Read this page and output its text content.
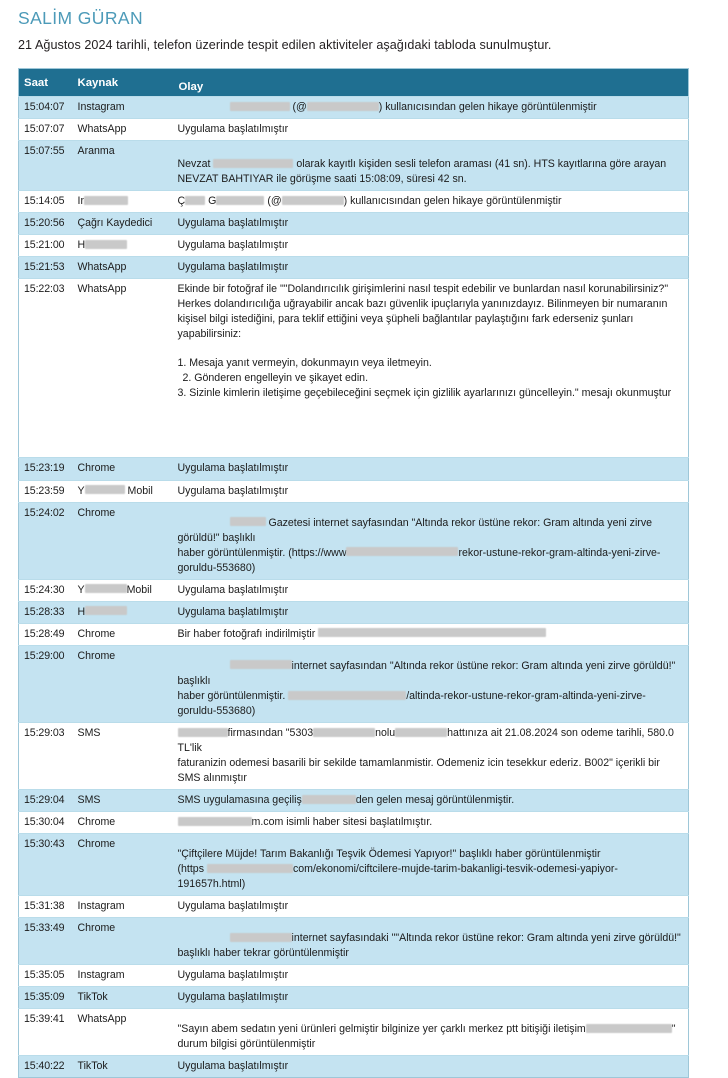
SALİM GÜRAN
21 Ağustos 2024 tarihli, telefon üzerinde tespit edilen aktiviteler aşağıdaki tabloda sunulmuştur.
Saat	Kaynak	Olay
15:04:07	Instagram	(@ ) kullanıcısından gelen hikaye görüntülenmiştir
15:07:07	WhatsApp	Uygulama başlatılmıştır
15:07:55	Aranma	Nevzat olarak kayıtlı kişiden sesli telefon araması (41 sn). HTS kayıtlarına göre arayan
NEVZAT BAHTIYAR ile görüşme saati 15:08:09, süresi 42 sn.
15:14:05	Ir	Ç G (@ ) kullanıcısından gelen hikaye görüntülenmiştir
15:20:56	Çağrı Kaydedici	Uygulama başlatılmıştır
15:21:00	H	Uygulama başlatılmıştır
15:21:53	WhatsApp	Uygulama başlatılmıştır
15:22:03	WhatsApp	Ekinde bir fotoğraf ile ""Dolandırıcılık girişimlerini nasıl tespit edebilir ve bunlardan nasıl korunabilirsiniz?"
Herkes dolandırıcılığa uğrayabilir ancak bazı güvenlik ipuçlarıyla yanınızdayız. Bilinmeyen bir numaranın
kişisel bilgi istediğini, para teklif ettiğini veya şüpheli bağlantılar paylaştığını fark ederseniz şunları
yapabilirsiniz:
1. Mesaja yanıt vermeyin, dokunmayın veya iletmeyin.
2. Gönderen engelleyin ve şikayet edin.
3. Sizinle kimlerin iletişime geçebileceğini seçmek için gizlilik ayarlarınızı güncelleyin." mesajı okunmuştur

15:23:19	Chrome	Uygulama başlatılmıştır
15:23:59	Y Mobil	Uygulama başlatılmıştır
15:24:02	Chrome	Gazetesi internet sayfasından "Altında rekor üstüne rekor: Gram altında yeni zirve görüldü!" başlıklı
haber görüntülenmiştir. (https://www rekor-ustune-rekor-gram-altinda-yeni-zirve-
goruldu-553680)

15:24:30	Y Mobil	Uygulama başlatılmıştır
15:28:33	H	Uygulama başlatılmıştır
15:28:49	Chrome	Bir haber fotoğrafı indirilmiştir
15:29:00	Chrome	internet sayfasından "Altında rekor üstüne rekor: Gram altında yeni zirve görüldü!" başlıklı
haber görüntülenmiştir. /altinda-rekor-ustune-rekor-gram-altinda-yeni-zirve-
goruldu-553680)

15:29:03	SMS	firmasından "5303 nolu hattınıza ait 21.08.2024 son odeme tarihli, 580.0 TL'lik
faturanizin odemesi basarili bir sekilde tamamlanmistir. Odemeniz icin tesekkur ederiz. B002" içerikli bir
SMS alınmıştır

15:29:04	SMS	SMS uygulamasına geçiliş den gelen mesaj görüntülenmiştir.
15:30:04	Chrome	m.com isimli haber sitesi başlatılmıştır.
15:30:43	Chrome	"Çiftçilere Müjde! Tarım Bakanlığı Teşvik Ödemesi Yapıyor!" başlıklı haber görüntülenmiştir
(https com/ekonomi/ciftcilere-mujde-tarim-bakanligi-tesvik-odemesi-yapiyor-191657h.html)

15:31:38	Instagram	Uygulama başlatılmıştır
15:33:49	Chrome	internet sayfasındaki ""Altında rekor üstüne rekor: Gram altında yeni zirve görüldü!"
başlıklı haber tekrar görüntülenmiştir

15:35:05	Instagram	Uygulama başlatılmıştır
15:35:09	TikTok	Uygulama başlatılmıştır
15:39:41	WhatsApp	"Sayın abem sedatın yeni ürünleri gelmiştir bilginize yer çarklı merkez ptt bitişiği iletişim "
durum bilgisi görüntülenmiştir

15:40:22	TikTok	Uygulama başlatılmıştır
